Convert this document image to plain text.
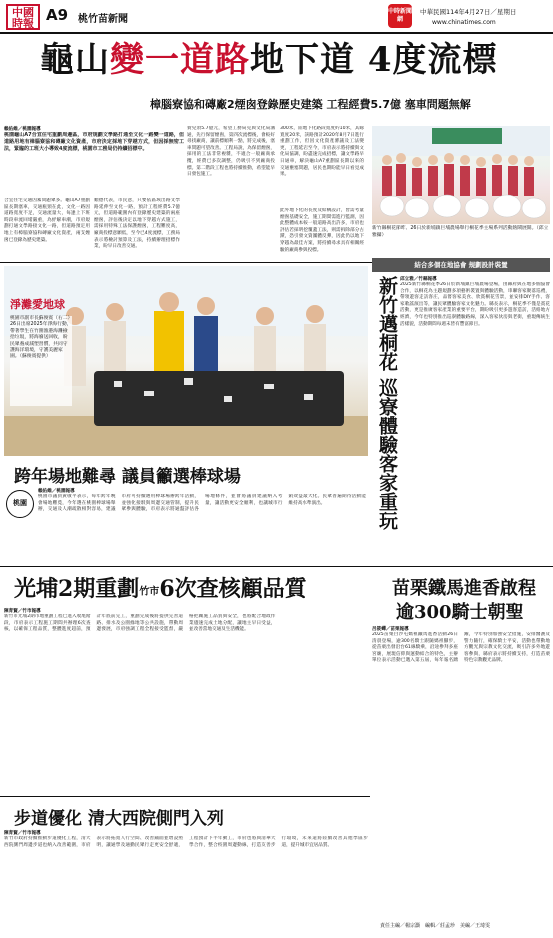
中國時報 A9 桃竹苗新聞
中時新聞網
中華民國114年4月27日／星期日
www.chinatimes.com
龜山變一道路地下道 4度流標
樟腦寮協和磚廠2煙囪登錄歷史建築 工程經費5.7億 塞車問題無解
賴佑維／桃園報導
桃園龜山A7合宜住宅重劃周邊區，市府規劃文學路打通至文化一路變一道路，但道路用地有樟腦寮協和磚廠文化資產，市府決定採地下穿越方式，但因採無密工法，緊臨的工班大小導致4度流標，桃園市工務局仍持續招標中。
合宜住宅交通因素問題眾多。龜山A7重劃區長期塞車，交通瓶頸在此，文化一路因道路寬度不足，交通流量大，每逢上下班時段車流回堵嚴重，為紓解車潮，市府規劃打通文學路接文化一路，但道路預定用地上有樟腦寮協和磚廠文化資產，兩支煙囪已登錄為歷史建築。
順德代表，市民意，只要依區域出路文學路延伸至文化一路，預計工程經費5.7億元，但道路範圍內有登錄歷史建築的兩座煙囪，評估後決定以地下穿越方式施工，需採用特殊工法保護煙囪，工程難度高，廠商投標意願低，至今已4度流標，工務局表示將檢討預算及工法，持續辦理招標作業，盼早日改善交通。
費兒須5.7億元，希望工務局克與文化局溝通，先行保留煙囪，第四次流標後，會較好尋找廠商，讓前標順利一點，將完成後，塞車問題可望改善。工程局說，為保留煙囪，採用的工法非常複雜，不適合一般廠商承攬，經費已多次調整，仍吸引不到廠商投標。第二階段工程也將持續推動，希望能早日發包施工。
300米，陸地下化路段寬度約10米，其餘寬度20米，該路預計2020年8月7日進行重劃工作，但因文化資產審議及工法變更，工程延宕至今，市府表示將持續與文化局協調，盼盡速完成招標，讓文學路早日通車，解決龜山A7重劃區長期以來的交通壅塞問題，居民也期盼能早日看見成果。
此外地下化的長度及結構設計，皆需考量煙囪基礎安全，施工期間需進行監測，因此整體成本較一般道路高出許多，市府也評估若採明挖覆蓋工法，則需拆除部分古蹟，恐引發文資團體反彈，因此仍以地下穿越為最佳方案，將持續尋求具有相關經驗的廠商參與投標。
新竹縣桐花節昨、26日於新埔鎮巨埔農場舉行桐花季主場系列活動熱鬧展開。（邱立雅攝）
淨灘愛地球
桃園市副市長蘇俊賓（右二）26日出席2025年淨海行動，帶著學生在竹圍漁港海灘撿拾垃圾，將海廢送回收，盼民眾養成減塑習慣，共同守護海洋環境，守護美麗家園。（蘇俊賓提供）
結合多個在地協會 規劃設計裝置
新竹邁桐花 巡寮體驗客家重玩 邱立雅／竹縣報導
2025新竹縣桐花季26日於新埔鎮巨埔農場登場，由縣府與在地多個協會合作，以桐花為主題規劃多項藝術裝置與體驗活動，串聯客家聚落巡禮，帶領遊客走訪客庄，品嘗客家美食、欣賞桐花雪景，並安排DIY手作、客家歌謠演出等，讓民眾體驗客家文化魅力。縣長表示，桐花季不僅是賞花活動，更是推廣客家產業的重要平台，期盼吸引更多遊客造訪，活絡地方經濟，今年也特別推出巡寮體驗路線，深入客家伙房與老街，重現傳統生活樣貌，活動期間每週末皆有豐富節目。
跨年場地難尋 議員籲選棒球場
桃園
賴佑維／桃園報導
桃園市議員黃敬平表示，每年跨年晚會場地難覓，今年選在桃園棒球場舉辦，交通及人潮疏散相對容易，建議市府可持續選用棒球場辦跨年活動，並強化接駁與周邊交通管制，提升民眾參與體驗，市府表示將通盤評估各場地條件，並會將議員建議納入考量，讓活動更安全順利，也讓城市行銷效益最大化。民眾普遍期待活動能維持高水準演出。
光埔2期重劃竹市6次查核顧品質
陳育賢／竹市報導
新竹市光埔2期市地重劃工程已進入收尾階段，市府表示工程施工期間共辦理6次查核，以確保工程品質，整體進度超前，預計年底前完工，重劃完成後將提供完善道路、排水及公園綠地等公共設施，帶動周邊發展，市府強調工程全程接受監督，嚴格把關施工品質與安全，也將配合地政作業儘速完成土地分配，讓地主早日受益，並改善當地交通及生活機能。
苗栗鐵馬進香啟程
逾300騎士朝聖
呂筱蟬／苗栗報導
2025苗栗白沙屯媽祖鐵馬進香活動26日清晨登場，逾300名騎士跟隨媽祖腳步，從苗栗出發沿台61線騎乘，沿途參拜多座宮廟，展現信仰與運動結合的特色，主辦單位表示活動已邁入第五屆，每年報名踴躍，今年特別加強安全措施，安排醫護及警力隨行，確保騎士平安，活動也帶動地方觀光與宗教文化交流，吸引許多外地遊客參與，縣府表示將持續支持，打造苗栗特色宗教觀光品牌。
步道優化 清大西院側門入列
陳育賢／竹市報導
新竹市政府持續推動步道優化工程，清大西院側門周邊步道也納入改善範圍，市府表示將拓寬人行空間、改善鋪面並增設照明，讓通學及通勤民眾行走更安全舒適，工程預計下半年動工，市府也將與清華大學合作，整合校園周邊動線，打造友善步行環境，未來還將陸續改善其他學區步道，提升城市宜居品質。
責任主編／楊宗灝　編輯／莊孟珍　美編／王琦雯
